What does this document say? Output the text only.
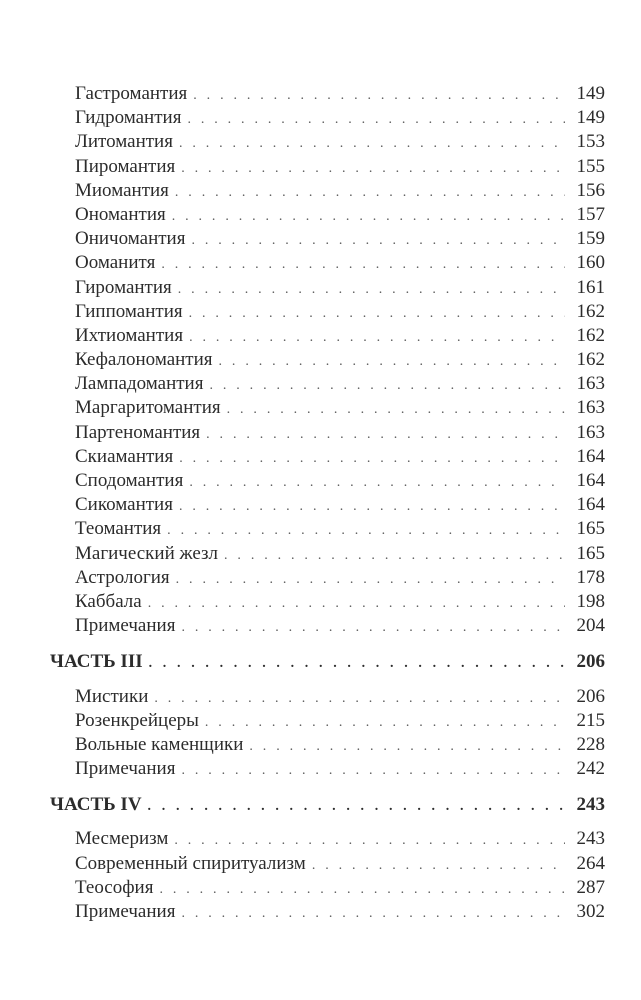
Гастромантия . . .	149
Гидромантия . . .	149
Литомантия . . .	153
Пиромантия . . .	155
Миомантия . . .	156
Ономантия . . .	157
Оничомантия . . .	159
Ооманитя . . .	160
Гиромантия . . .	161
Гиппомантия . . .	162
Ихтиомантия . . .	162
Кефалономантия . . .	162
Лампадомантия . . .	163
Маргаритомантия . . .	163
Партеномантия . . .	163
Скиамантия . . .	164
Сподомантия . . .	164
Сикомантия . . .	164
Теомантия . . .	165
Магический жезл . . .	165
Астрология . . .	178
Каббала . . .	198
Примечания . . .	204
ЧАСТЬ III . . .	206
Мистики . . .	206
Розенкрейцеры . . .	215
Вольные каменщики . . .	228
Примечания . . .	242
ЧАСТЬ IV . . .	243
Месмеризм . . .	243
Современный спиритуализм . . .	264
Теософия . . .	287
Примечания . . .	302
